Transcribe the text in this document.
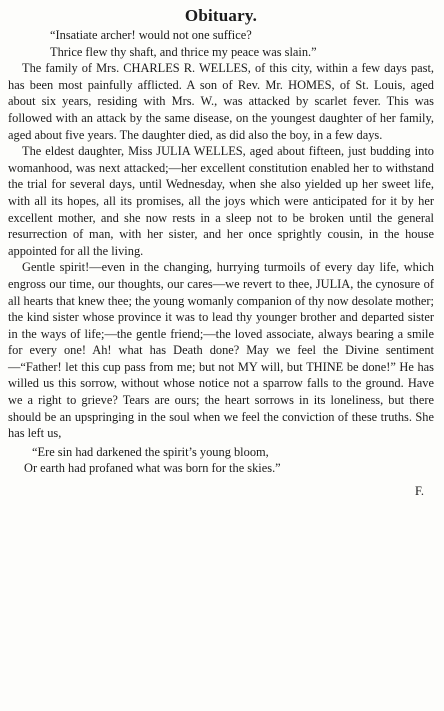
Obituary.
“Insatiate archer! would not one suffice?
Thrice flew thy shaft, and thrice my peace was slain.”

The family of Mrs. CHARLES R. WELLES, of this city, within a few days past, has been most painfully afflicted. A son of Rev. Mr. HOMES, of St. Louis, aged about six years, residing with Mrs. W., was attacked by scarlet fever. This was followed with an attack by the same disease, on the youngest daughter of her family, aged about five years. The daughter died, as did also the boy, in a few days.

The eldest daughter, Miss JULIA WELLES, aged about fifteen, just budding into womanhood, was next attacked;—her excellent constitution enabled her to withstand the trial for several days, until Wednesday, when she also yielded up her sweet life, with all its hopes, all its promises, all the joys which were anticipated for it by her excellent mother, and she now rests in a sleep not to be broken until the general resurrection of man, with her sister, and her once sprightly cousin, in the house appointed for all the living.

Gentle spirit!—even in the changing, hurrying turmoils of every day life, which engross our time, our thoughts, our cares—we revert to thee, JULIA, the cynosure of all hearts that knew thee; the young womanly companion of thy now desolate mother; the kind sister whose province it was to lead thy younger brother and departed sister in the ways of life;—the gentle friend;—the loved associate, always bearing a smile for every one! Ah! what has Death done? May we feel the Divine sentiment—“Father! let this cup pass from me; but not MY will, but THINE be done!” He has willed us this sorrow, without whose notice not a sparrow falls to the ground. Have we a right to grieve? Tears are ours; the heart sorrows in its loneliness, but there should be an upspringing in the soul when we feel the conviction of these truths. She has left us,

“Ere sin had darkened the spirit’s young bloom,
Or earth had profaned what was born for the skies.”
F.
